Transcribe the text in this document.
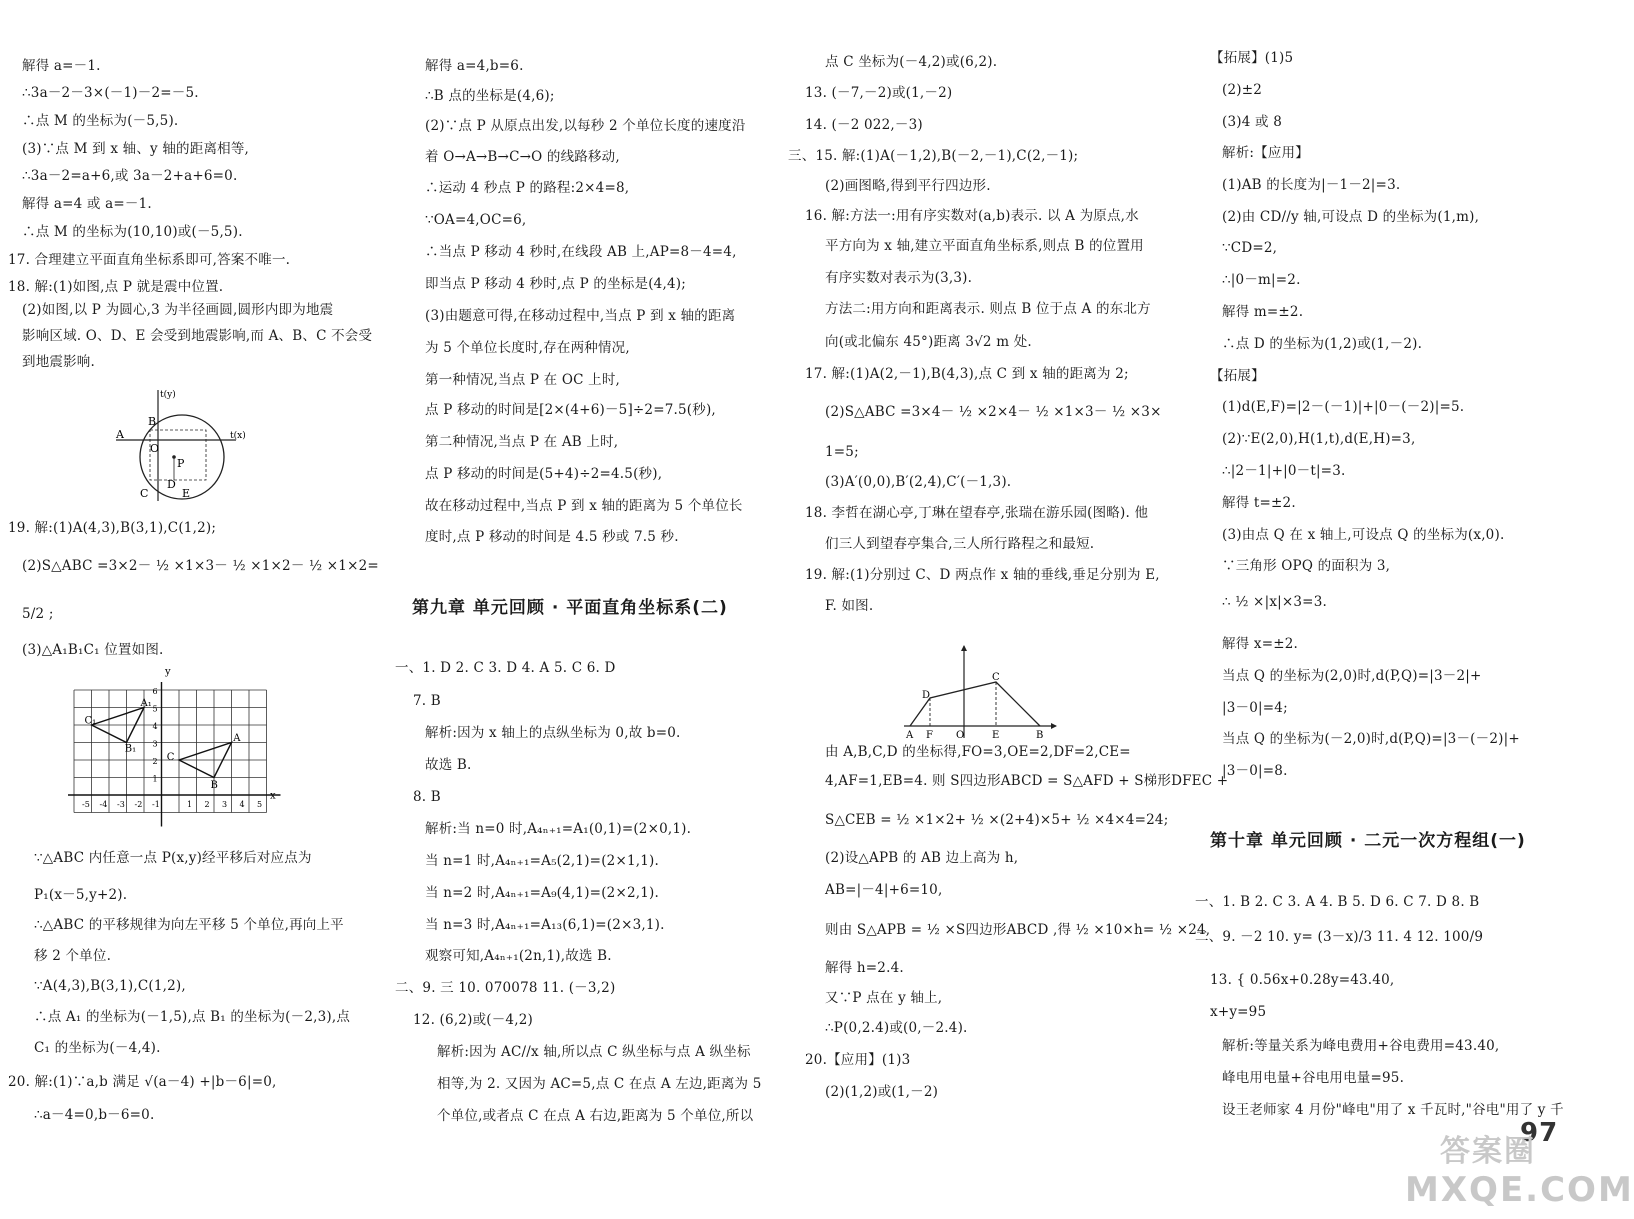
解得 a=－1.
∴3a－2－3×(－1)－2=－5.
∴点 M 的坐标为(－5,5).
(3)∵点 M 到 x 轴、y 轴的距离相等,
∴3a－2=a+6,或 3a－2+a+6=0.
解得 a=4 或 a=－1.
∴点 M 的坐标为(10,10)或(－5,5).
17. 合理建立平面直角坐标系即可,答案不唯一.
18. 解:(1)如图,点 P 就是震中位置.
(2)如图,以 P 为圆心,3 为半径画圆,圆形内即为地震
影响区域. O、D、E 会受到地震影响,而 A、B、C 不会受
到地震影响.
19. 解:(1)A(4,3),B(3,1),C(1,2);
(2)S△ABC =3×2－ ½ ×1×3－ ½ ×1×2－ ½ ×1×2=
5/2 ;
(3)△A₁B₁C₁ 位置如图.
∵△ABC 内任意一点 P(x,y)经平移后对应点为
P₁(x－5,y+2).
∴△ABC 的平移规律为向左平移 5 个单位,再向上平
移 2 个单位.
∵A(4,3),B(3,1),C(1,2),
∴点 A₁ 的坐标为(－1,5),点 B₁ 的坐标为(－2,3),点
C₁ 的坐标为(－4,4).
20. 解:(1)∵a,b 满足 √(a－4) +|b－6|=0,
∴a－4=0,b－6=0.
解得 a=4,b=6.
∴B 点的坐标是(4,6);
(2)∵点 P 从原点出发,以每秒 2 个单位长度的速度沿
着 O→A→B→C→O 的线路移动,
∴运动 4 秒点 P 的路程:2×4=8,
∵OA=4,OC=6,
∴当点 P 移动 4 秒时,在线段 AB 上,AP=8－4=4,
即当点 P 移动 4 秒时,点 P 的坐标是(4,4);
(3)由题意可得,在移动过程中,当点 P 到 x 轴的距离
为 5 个单位长度时,存在两种情况,
第一种情况,当点 P 在 OC 上时,
点 P 移动的时间是[2×(4+6)－5]÷2=7.5(秒),
第二种情况,当点 P 在 AB 上时,
点 P 移动的时间是(5+4)÷2=4.5(秒),
故在移动过程中,当点 P 到 x 轴的距离为 5 个单位长
度时,点 P 移动的时间是 4.5 秒或 7.5 秒.
一、1. D 2. C 3. D 4. A 5. C 6. D
7. B
解析:因为 x 轴上的点纵坐标为 0,故 b=0.
故选 B.
8. B
解析:当 n=0 时,A₄ₙ₊₁=A₁(0,1)=(2×0,1).
当 n=1 时,A₄ₙ₊₁=A₅(2,1)=(2×1,1).
当 n=2 时,A₄ₙ₊₁=A₉(4,1)=(2×2,1).
当 n=3 时,A₄ₙ₊₁=A₁₃(6,1)=(2×3,1).
观察可知,A₄ₙ₊₁(2n,1),故选 B.
二、9. 三 10. 070078 11. (－3,2)
12. (6,2)或(－4,2)
解析:因为 AC//x 轴,所以点 C 纵坐标与点 A 纵坐标
相等,为 2. 又因为 AC=5,点 C 在点 A 左边,距离为 5
个单位,或者点 C 在点 A 右边,距离为 5 个单位,所以
第九章 单元回顾 · 平面直角坐标系(二)
点 C 坐标为(－4,2)或(6,2).
13. (－7,－2)或(1,－2)
14. (－2 022,－3)
三、15. 解:(1)A(－1,2),B(－2,－1),C(2,－1);
(2)画图略,得到平行四边形.
16. 解:方法一:用有序实数对(a,b)表示. 以 A 为原点,水
平方向为 x 轴,建立平面直角坐标系,则点 B 的位置用
有序实数对表示为(3,3).
方法二:用方向和距离表示. 则点 B 位于点 A 的东北方
向(或北偏东 45°)距离 3√2 m 处.
17. 解:(1)A(2,－1),B(4,3),点 C 到 x 轴的距离为 2;
(2)S△ABC =3×4－ ½ ×2×4－ ½ ×1×3－ ½ ×3×
1=5;
(3)A′(0,0),B′(2,4),C′(－1,3).
18. 李哲在湖心亭,丁琳在望春亭,张瑞在游乐园(图略). 他
们三人到望春亭集合,三人所行路程之和最短.
19. 解:(1)分别过 C、D 两点作 x 轴的垂线,垂足分别为 E,
F. 如图.
由 A,B,C,D 的坐标得,FO=3,OE=2,DF=2,CE=
4,AF=1,EB=4. 则 S四边形ABCD = S△AFD + S梯形DFEC +
S△CEB = ½ ×1×2+ ½ ×(2+4)×5+ ½ ×4×4=24;
(2)设△APB 的 AB 边上高为 h,
AB=|－4|+6=10,
则由 S△APB = ½ ×S四边形ABCD ,得 ½ ×10×h= ½ ×24,
解得 h=2.4.
又∵P 点在 y 轴上,
∴P(0,2.4)或(0,－2.4).
20.【应用】(1)3
(2)(1,2)或(1,－2)
【拓展】(1)5
(2)±2
(3)4 或 8
解析:【应用】
(1)AB 的长度为|－1－2|=3.
(2)由 CD//y 轴,可设点 D 的坐标为(1,m),
∵CD=2,
∴|0－m|=2.
解得 m=±2.
∴点 D 的坐标为(1,2)或(1,－2).
【拓展】
(1)d(E,F)=|2－(－1)|+|0－(－2)|=5.
(2)∵E(2,0),H(1,t),d(E,H)=3,
∴|2－1|+|0－t|=3.
解得 t=±2.
(3)由点 Q 在 x 轴上,可设点 Q 的坐标为(x,0).
∵三角形 OPQ 的面积为 3,
∴ ½ ×|x|×3=3.
解得 x=±2.
当点 Q 的坐标为(2,0)时,d(P,Q)=|3－2|+
|3－0|=4;
当点 Q 的坐标为(－2,0)时,d(P,Q)=|3－(－2)|+
|3－0|=8.
一、1. B 2. C 3. A 4. B 5. D 6. C 7. D 8. B
二、9. －2 10. y= (3－x)/3 11. 4 12. 100/9
13. { 0.56x+0.28y=43.40,
x+y=95
解析:等量关系为峰电费用+谷电费用=43.40,
峰电用电量+谷电用电量=95.
设王老师家 4 月份"峰电"用了 x 千瓦时,"谷电"用了 y 千
第十章 单元回顾 · 二元一次方程组(一)
B
A
O
P
C
D
E
t(x)
t(y)
-5 -4 -3 -2 -1	1 2 3 4 5
6
5
4
3
2
1
A₁
C₁
B₁
A
C
B
y
x
D
C
A F O	E	B
97
答案圈
MXQE.COM
